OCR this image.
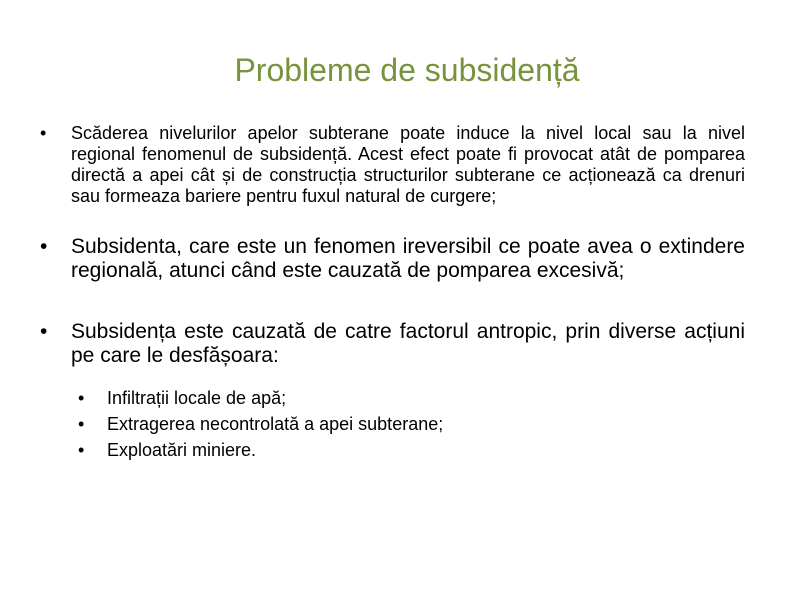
Probleme de subsidență
• Scăderea nivelurilor apelor subterane poate induce la nivel local sau la nivel regional fenomenul de subsidență. Acest efect poate fi provocat atât de pomparea directă a apei cât și de construcția structurilor subterane ce acționează ca drenuri sau formeaza bariere pentru fuxul natural de curgere;
• Subsidenta, care este un fenomen ireversibil ce poate avea o extindere regională, atunci când este cauzată de pomparea excesivă;
• Subsidența este cauzată de catre factorul antropic, prin diverse acțiuni pe care le desfășoara:
• Infiltrații locale de apă;
• Extragerea necontrolată a apei subterane;
• Exploatări miniere.
